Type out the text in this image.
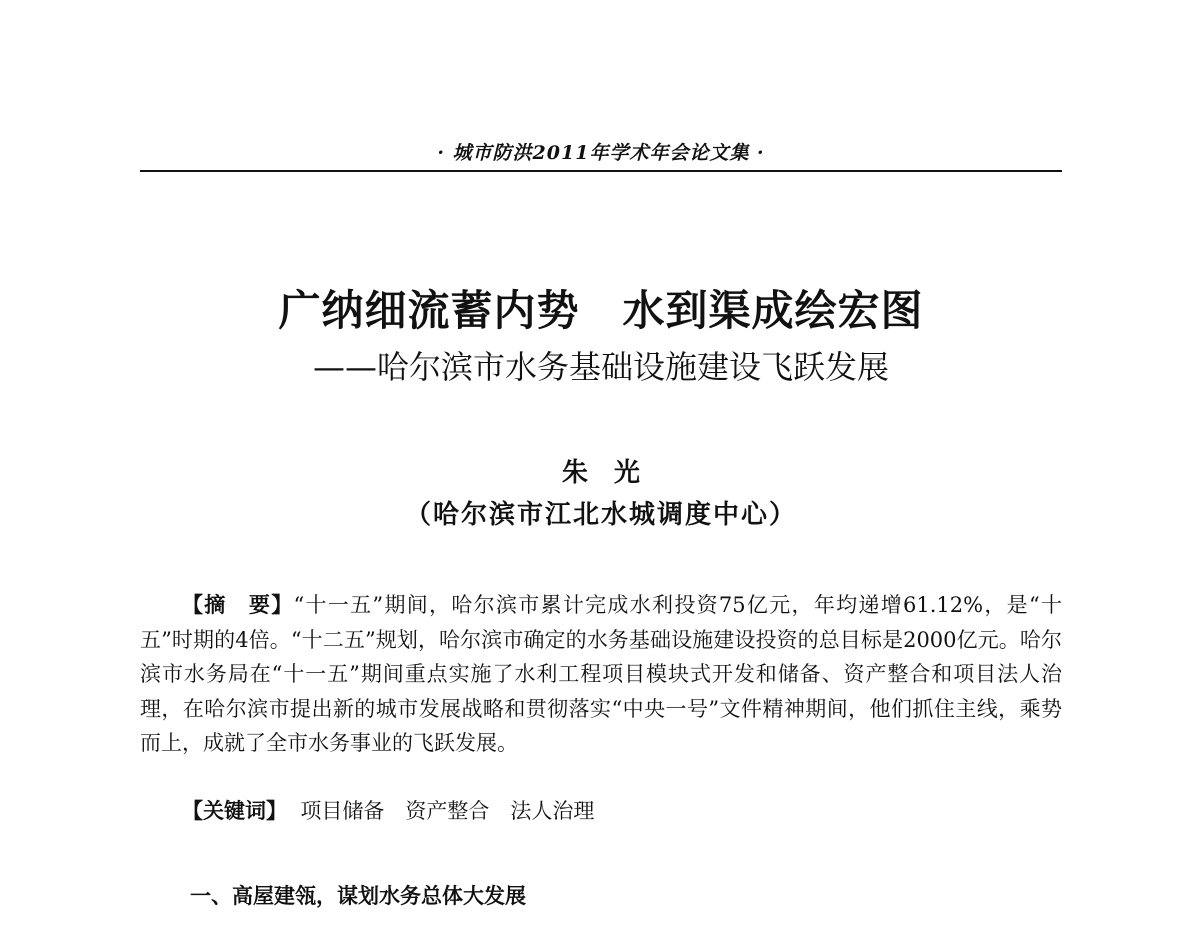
· 城市防洪2011年学术年会论文集 ·
广纳细流蓄内势　水到渠成绘宏图
——哈尔滨市水务基础设施建设飞跃发展
朱　光
（哈尔滨市江北水城调度中心）

【摘　要】“十一五”期间，哈尔滨市累计完成水利投资75亿元，年均递增61.12%，是“十五”时期的4倍。“十二五”规划，哈尔滨市确定的水务基础设施建设投资的总目标是2000亿元。哈尔滨市水务局在“十一五”期间重点实施了水利工程项目模块式开发和储备、资产整合和项目法人治理，在哈尔滨市提出新的城市发展战略和贯彻落实“中央一号”文件精神期间，他们抓住主线，乘势而上，成就了全市水务事业的飞跃发展。

【关键词】  项目储备　资产整合　法人治理
一、高屋建瓴，谋划水务总体大发展
